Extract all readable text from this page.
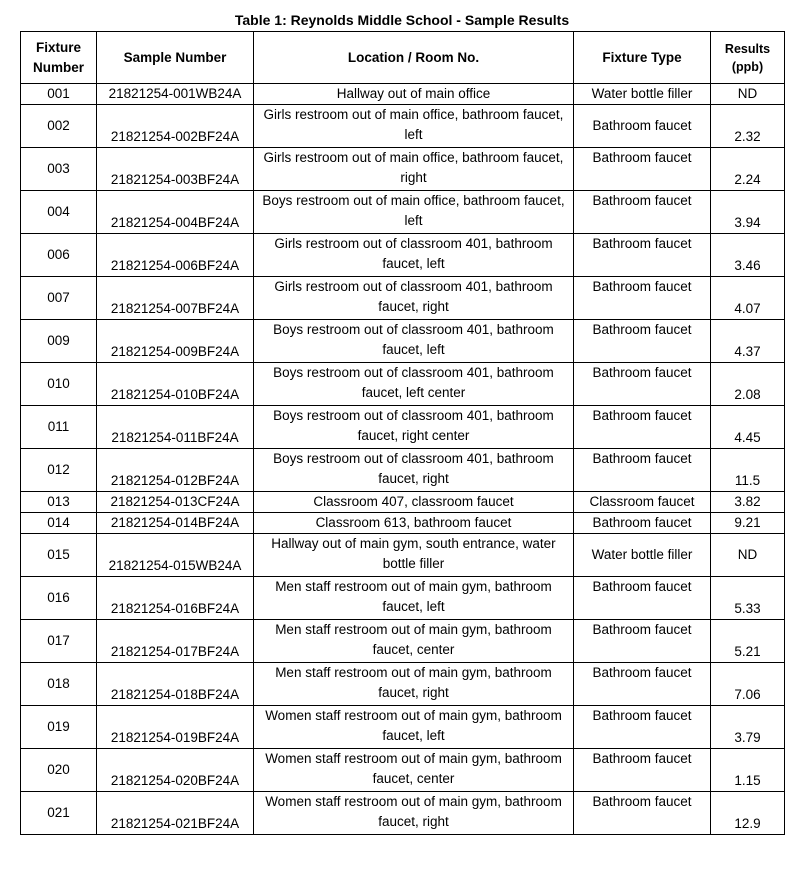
Table 1: Reynolds Middle School - Sample Results
Fixture Number	Sample Number	Location / Room No.	Fixture Type	Results (ppb)
001	21821254-001WB24A	Hallway out of main office	Water bottle filler	ND
002	21821254-002BF24A	Girls restroom out of main office, bathroom faucet, left	Bathroom faucet	2.32
003	21821254-003BF24A	Girls restroom out of main office, bathroom faucet, right	Bathroom faucet	2.24
004	21821254-004BF24A	Boys restroom out of main office, bathroom faucet, left	Bathroom faucet	3.94
006	21821254-006BF24A	Girls restroom out of classroom 401, bathroom faucet, left	Bathroom faucet	3.46
007	21821254-007BF24A	Girls restroom out of classroom 401, bathroom faucet, right	Bathroom faucet	4.07
009	21821254-009BF24A	Boys restroom out of classroom 401, bathroom faucet, left	Bathroom faucet	4.37
010	21821254-010BF24A	Boys restroom out of classroom 401, bathroom faucet, left center	Bathroom faucet	2.08
011	21821254-011BF24A	Boys restroom out of classroom 401, bathroom faucet, right center	Bathroom faucet	4.45
012	21821254-012BF24A	Boys restroom out of classroom 401, bathroom faucet, right	Bathroom faucet	11.5
013	21821254-013CF24A	Classroom 407, classroom faucet	Classroom faucet	3.82
014	21821254-014BF24A	Classroom 613, bathroom faucet	Bathroom faucet	9.21
015	21821254-015WB24A	Hallway out of main gym, south entrance, water bottle filler	Water bottle filler	ND
016	21821254-016BF24A	Men staff restroom out of main gym, bathroom faucet, left	Bathroom faucet	5.33
017	21821254-017BF24A	Men staff restroom out of main gym, bathroom faucet, center	Bathroom faucet	5.21
018	21821254-018BF24A	Men staff restroom out of main gym, bathroom faucet, right	Bathroom faucet	7.06
019	21821254-019BF24A	Women staff restroom out of main gym, bathroom faucet, left	Bathroom faucet	3.79
020	21821254-020BF24A	Women staff restroom out of main gym, bathroom faucet, center	Bathroom faucet	1.15
021	21821254-021BF24A	Women staff restroom out of main gym, bathroom faucet, right	Bathroom faucet	12.9
